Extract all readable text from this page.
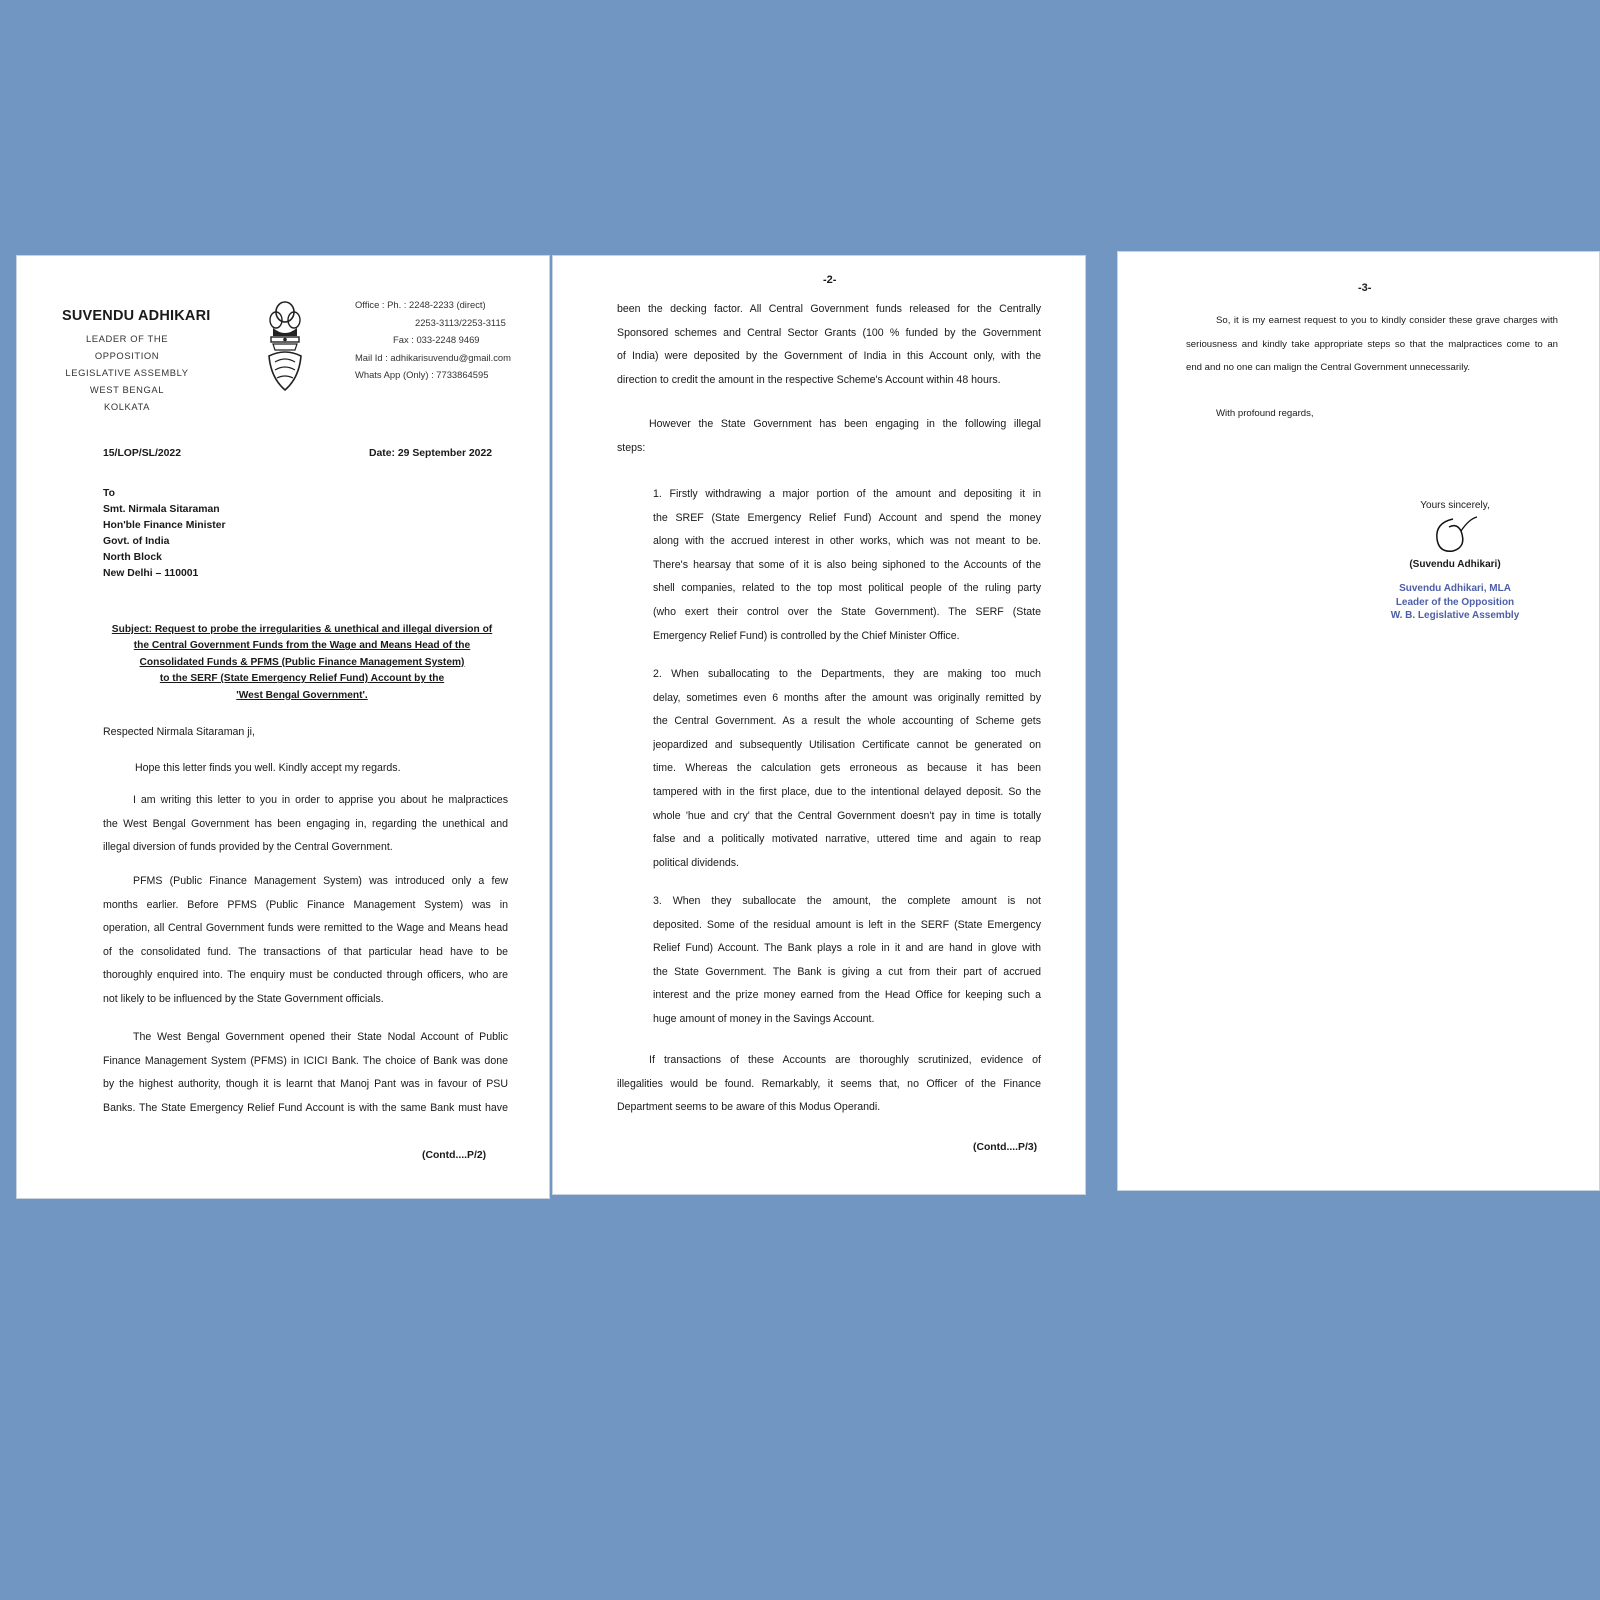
SUVENDU ADHIKARI
LEADER OF THE OPPOSITION
LEGISLATIVE ASSEMBLY
WEST BENGAL
KOLKATA
Office : Ph. : 2248-2233 (direct)
2253-3113/2253-3115
Fax : 033-2248 9469
Mail Id : adhikarisuvendu@gmail.com
Whats App (Only) : 7733864595
15/LOP/SL/2022	Date: 29 September 2022
To
Smt. Nirmala Sitaraman
Hon'ble Finance Minister
Govt. of India
North Block
New Delhi – 110001
Subject: Request to probe the irregularities & unethical and illegal diversion of
the Central Government Funds from the Wage and Means Head of the
Consolidated Funds & PFMS (Public Finance Management System)
to the SERF (State Emergency Relief Fund) Account by the
'West Bengal Government'.
Respected Nirmala Sitaraman ji,
Hope this letter finds you well. Kindly accept my regards.
I am writing this letter to you in order to apprise you about he malpractices
the West Bengal Government has been engaging in, regarding the unethical and
illegal diversion of funds provided by the Central Government.
PFMS (Public Finance Management System) was introduced only a few
months earlier. Before PFMS (Public Finance Management System) was in
operation, all Central Government funds were remitted to the Wage and Means head
of the consolidated fund. The transactions of that particular head have to be
thoroughly enquired into. The enquiry must be conducted through officers, who are
not likely to be influenced by the State Government officials.
The West Bengal Government opened their State Nodal Account of Public
Finance Management System (PFMS) in ICICI Bank. The choice of Bank was done
by the highest authority, though it is learnt that Manoj Pant was in favour of PSU
Banks. The State Emergency Relief Fund Account is with the same Bank must have
(Contd....P/2)
-2-
been the decking factor. All Central Government funds released for the Centrally
Sponsored schemes and Central Sector Grants (100 % funded by the Government
of India) were deposited by the Government of India in this Account only, with the
direction to credit the amount in the respective Scheme's Account within 48 hours.
However the State Government has been engaging in the following illegal
steps:
1. Firstly withdrawing a major portion of the amount and depositing it in
the SREF (State Emergency Relief Fund) Account and spend the money
along with the accrued interest in other works, which was not meant to be.
There's hearsay that some of it is also being siphoned to the Accounts of the
shell companies, related to the top most political people of the ruling party
(who exert their control over the State Government). The SERF (State
Emergency Relief Fund) is controlled by the Chief Minister Office.
2. When suballocating to the Departments, they are making too much
delay, sometimes even 6 months after the amount was originally remitted by
the Central Government. As a result the whole accounting of Scheme gets
jeopardized and subsequently Utilisation Certificate cannot be generated on
time. Whereas the calculation gets erroneous as because it has been
tampered with in the first place, due to the intentional delayed deposit. So the
whole 'hue and cry' that the Central Government doesn't pay in time is totally
false and a politically motivated narrative, uttered time and again to reap
political dividends.
3. When they suballocate the amount, the complete amount is not
deposited. Some of the residual amount is left in the SERF (State Emergency
Relief Fund) Account. The Bank plays a role in it and are hand in glove with
the State Government. The Bank is giving a cut from their part of accrued
interest and the prize money earned from the Head Office for keeping such a
huge amount of money in the Savings Account.
If transactions of these Accounts are thoroughly scrutinized, evidence of
illegalities would be found. Remarkably, it seems that, no Officer of the Finance
Department seems to be aware of this Modus Operandi.
(Contd....P/3)
-3-
So, it is my earnest request to you to kindly consider these grave charges with
seriousness and kindly take appropriate steps so that the malpractices come to an
end and no one can malign the Central Government unnecessarily.
With profound regards,
Yours sincerely,
(Suvendu Adhikari)
Suvendu Adhikari, MLA
Leader of the Opposition
W. B. Legislative Assembly
